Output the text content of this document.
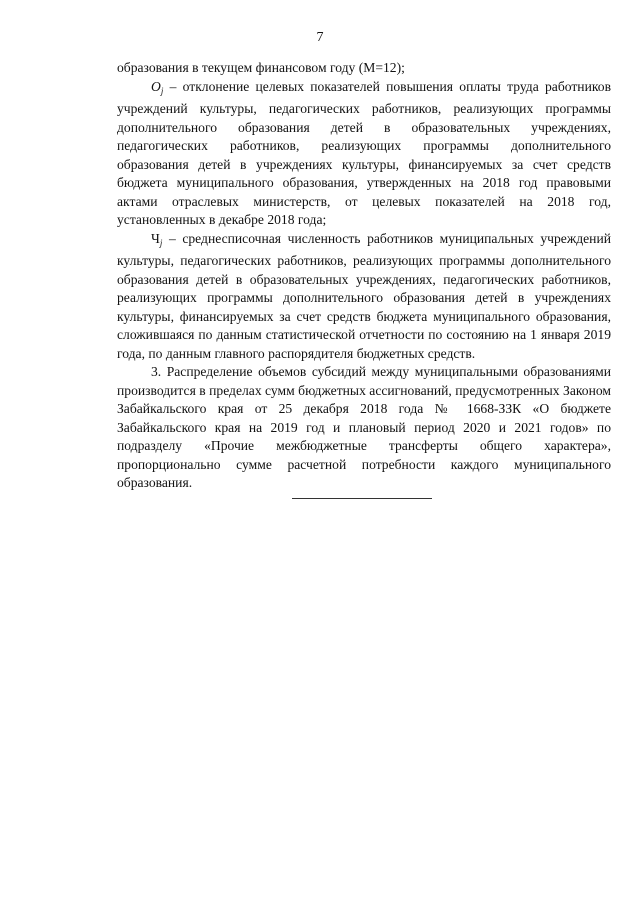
7

образования в текущем финансовом году (М=12);

$O_j$ – отклонение целевых показателей повышения оплаты труда работников учреждений культуры, педагогических работников, реализующих программы дополнительного образования детей в образовательных учреждениях, педагогических работников, реализующих программы дополнительного образования детей в учреждениях культуры, финансируемых за счет средств бюджета муниципального образования, утвержденных на 2018 год правовыми актами отраслевых министерств, от целевых показателей на 2018 год, установленных в декабре 2018 года;

$Ч_j$ – среднесписочная численность работников муниципальных учреждений культуры, педагогических работников, реализующих программы дополнительного образования детей в образовательных учреждениях, педагогических работников, реализующих программы дополнительного образования детей в учреждениях культуры, финансируемых за счет средств бюджета муниципального образования, сложившаяся по данным статистической отчетности по состоянию на 1 января 2019 года, по данным главного распорядителя бюджетных средств.

3. Распределение объемов субсидий между муниципальными образованиями производится в пределах сумм бюджетных ассигнований, предусмотренных Законом Забайкальского края от 25 декабря 2018 года № 1668-ЗЗК «О бюджете Забайкальского края на 2019 год и плановый период 2020 и 2021 годов» по подразделу «Прочие межбюджетные трансферты общего характера», пропорционально сумме расчетной потребности каждого муниципального образования.
